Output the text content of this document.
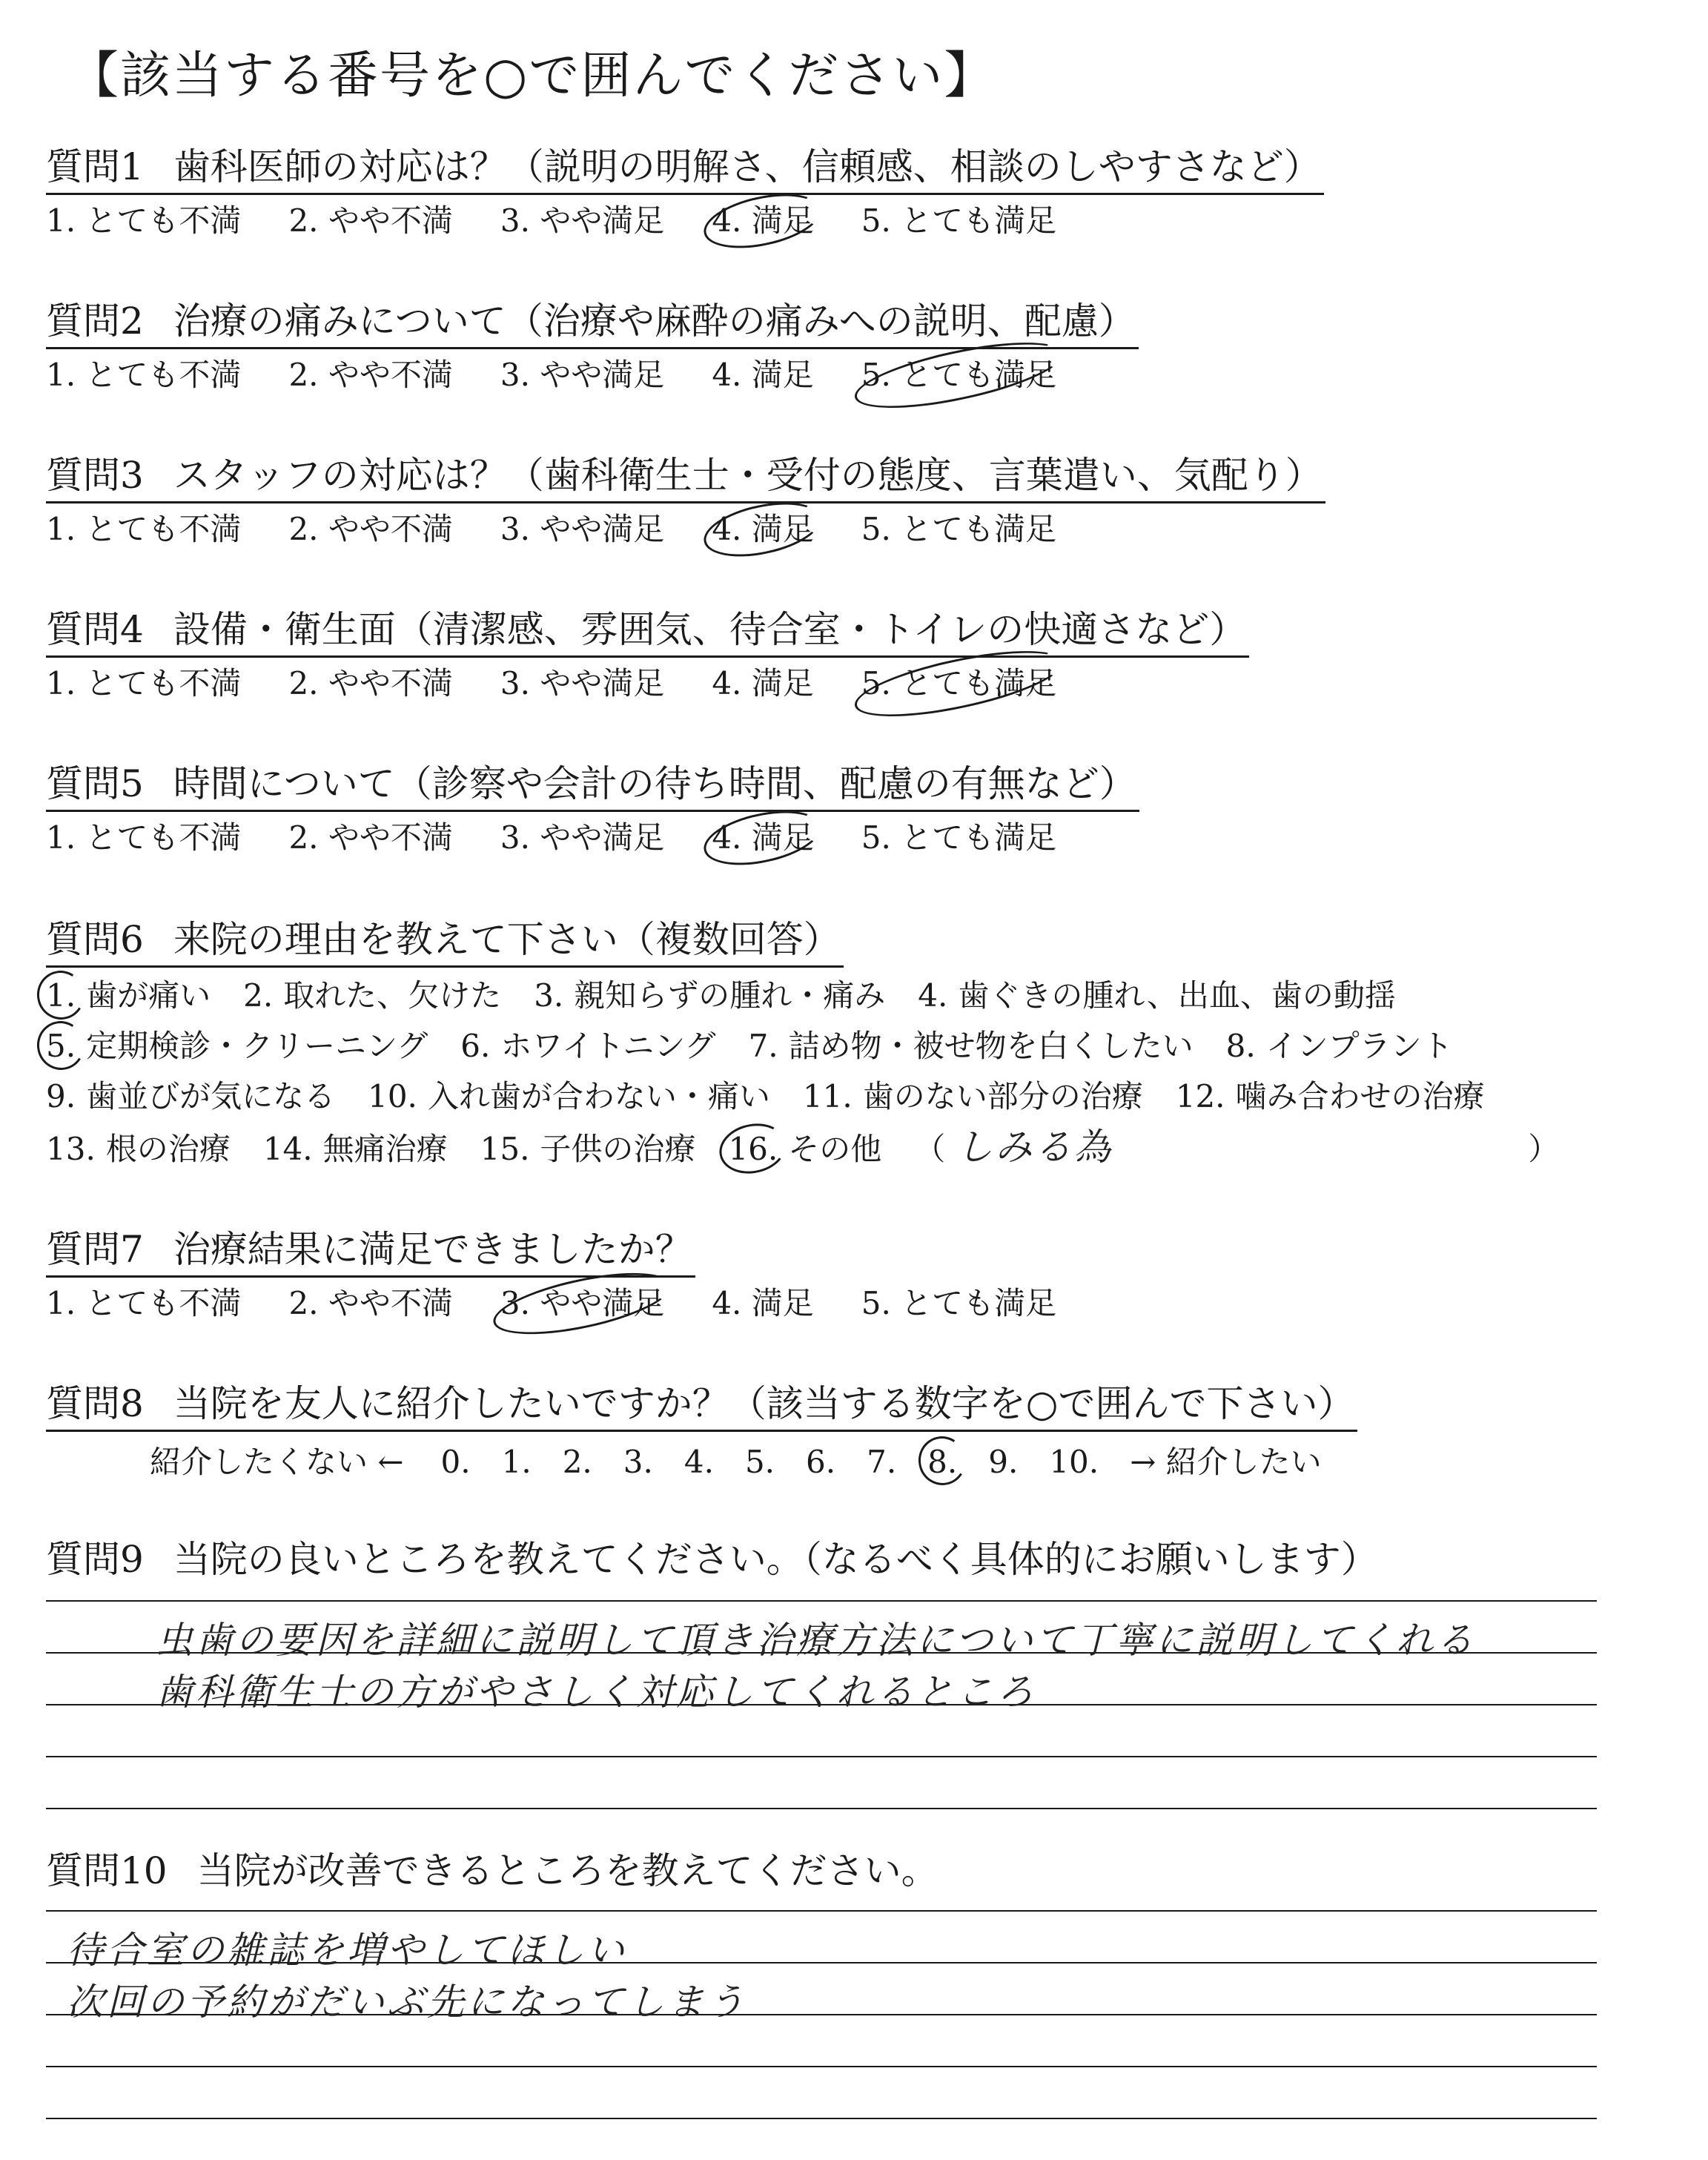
【該当する番号を○で囲んでください】
質問1 歯科医師の対応は？（説明の明解さ、信頼感、相談のしやすさなど）
1. とても不満 2. やや不満 3. やや満足 4. 満足 5. とても満足
質問2 治療の痛みについて（治療や麻酔の痛みへの説明、配慮）
1. とても不満 2. やや不満 3. やや満足 4. 満足 5. とても満足
質問3 スタッフの対応は？（歯科衛生士・受付の態度、言葉遣い、気配り）
1. とても不満 2. やや不満 3. やや満足 4. 満足 5. とても満足
質問4 設備・衛生面（清潔感、雰囲気、待合室・トイレの快適さなど）
1. とても不満 2. やや不満 3. やや満足 4. 満足 5. とても満足
質問5 時間について（診察や会計の待ち時間、配慮の有無など）
1. とても不満 2. やや不満 3. やや満足 4. 満足 5. とても満足
質問6 来院の理由を教えて下さい（複数回答）
1. 歯が痛い 2. 取れた、欠けた 3. 親知らずの腫れ・痛み 4. 歯ぐきの腫れ、出血、歯の動揺
5. 定期検診・クリーニング 6. ホワイトニング 7. 詰め物・被せ物を白くしたい 8. インプラント
9. 歯並びが気になる 10. 入れ歯が合わない・痛い 11. 歯のない部分の治療 12. 噛み合わせの治療
13. 根の治療 14. 無痛治療 15. 子供の治療 16. その他 （ しみる為	）
質問7 治療結果に満足できましたか？
1. とても不満 2. やや不満 3. やや満足 4. 満足 5. とても満足
質問8 当院を友人に紹介したいですか？（該当する数字を○で囲んで下さい）
紹介したくない ← 0. 1. 2. 3. 4. 5. 6. 7. 8. 9. 10. → 紹介したい
質問9 当院の良いところを教えてください。（なるべく具体的にお願いします）
虫歯の要因を詳細に説明して頂き治療方法について丁寧に説明してくれる
歯科衛生士の方がやさしく対応してくれるところ
質問10 当院が改善できるところを教えてください。
待合室の雑誌を増やしてほしい
次回の予約がだいぶ先になってしまう
